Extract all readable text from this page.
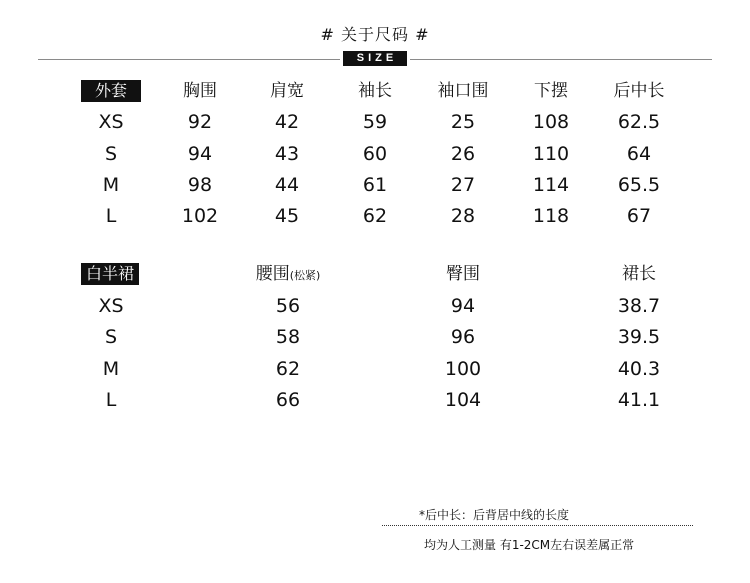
# 关于尺码 #
SIZE
外套	胸围	肩宽	袖长	袖口围	下摆	后中长
XS	92	42	59	25	108	62.5
S	94	43	60	26	110	64
M	98	44	61	27	114	65.5
L	102	45	62	28	118	67
白半裙	腰围(松紧)	臀围	裙长
XS	56	94	38.7
S	58	96	39.5
M	62	100	40.3
L	66	104	41.1
*后中长：后背居中线的长度
均为人工测量 有1-2CM左右误差属正常
